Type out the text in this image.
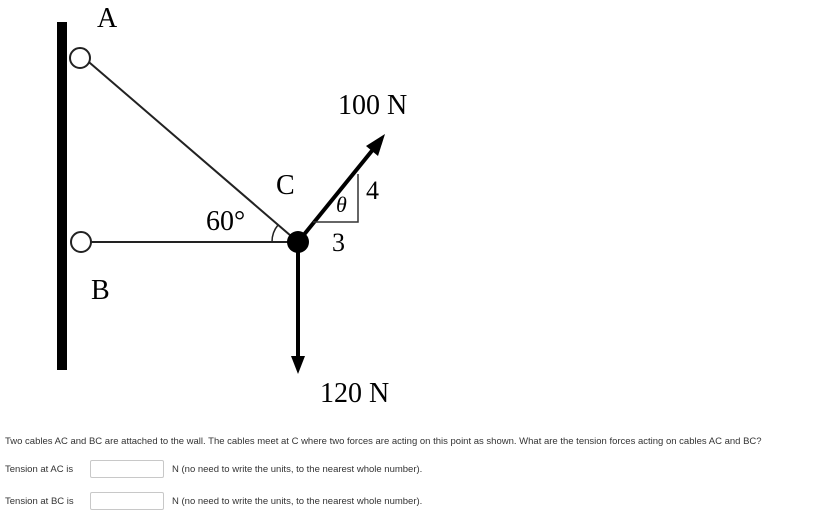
A
B
C
60°
100 N
120 N
4
3
θ
Two cables AC and BC are attached to the wall. The cables meet at C where two forces are acting on this point as shown. What are the tension forces acting on cables AC and BC?
Tension at AC is	N (no need to write the units, to the nearest whole number).
Tension at BC is	N (no need to write the units, to the nearest whole number).
